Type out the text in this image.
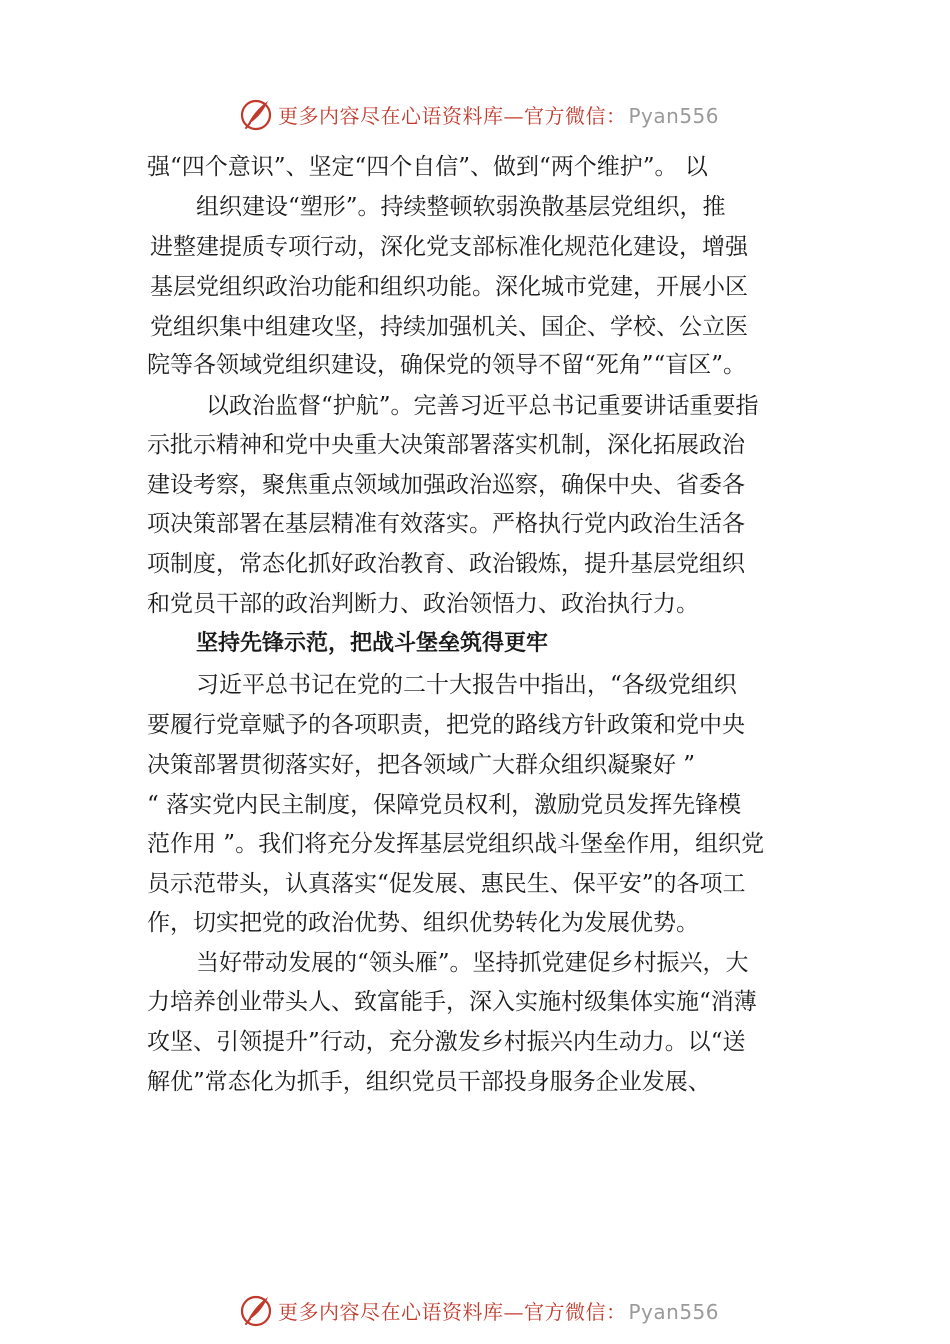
更多内容尽在心语资料库—官方微信： Pyan556
强“四个意识”、坚定“四个自信”、做到“两个维护”。 以
组织建设“塑形”。持续整顿软弱涣散基层党组织，推
进整建提质专项行动，深化党支部标准化规范化建设，增强
基层党组织政治功能和组织功能。深化城市党建，开展小区
党组织集中组建攻坚，持续加强机关、国企、学校、公立医
院等各领域党组织建设，确保党的领导不留“死角”“盲区”。
以政治监督“护航”。完善习近平总书记重要讲话重要指
示批示精神和党中央重大决策部署落实机制，深化拓展政治
建设考察，聚焦重点领域加强政治巡察，确保中央、省委各
项决策部署在基层精准有效落实。严格执行党内政治生活各
项制度，常态化抓好政治教育、政治锻炼，提升基层党组织
和党员干部的政治判断力、政治领悟力、政治执行力。
坚持先锋示范，把战斗堡垒筑得更牢
习近平总书记在党的二十大报告中指出，“各级党组织
要履行党章赋予的各项职责，把党的路线方针政策和党中央
决策部署贯彻落实好，把各领域广大群众组织凝聚好 ”
“ 落实党内民主制度，保障党员权利，激励党员发挥先锋模
范作用 ”。我们将充分发挥基层党组织战斗堡垒作用，组织党
员示范带头，认真落实“促发展、惠民生、保平安”的各项工
作，切实把党的政治优势、组织优势转化为发展优势。
当好带动发展的“领头雁”。坚持抓党建促乡村振兴，大
力培养创业带头人、致富能手，深入实施村级集体实施“消薄
攻坚、引领提升”行动，充分激发乡村振兴内生动力。以“送
解优”常态化为抓手，组织党员干部投身服务企业发展、
更多内容尽在心语资料库—官方微信： Pyan556
